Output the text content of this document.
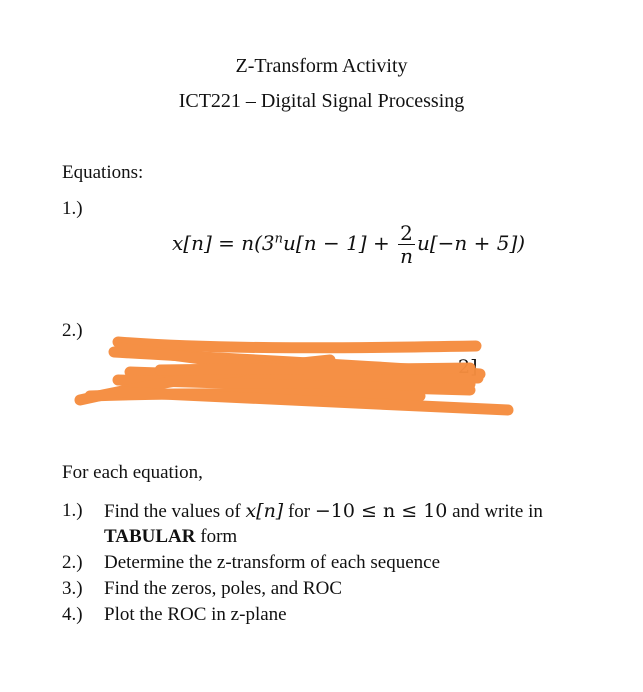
Z-Transform Activity
ICT221 – Digital Signal Processing
Equations:
1.)
$x[n] = n(3^nu[n - 1] + \frac{2}{n} u[-n + 5])$
2.)
2]
For each equation,
1.) Find the values of x[n] for −10 ≤ n ≤ 10 and write in
TABULAR form
2.) Determine the z-transform of each sequence
3.) Find the zeros, poles, and ROC
4.) Plot the ROC in z-plane
